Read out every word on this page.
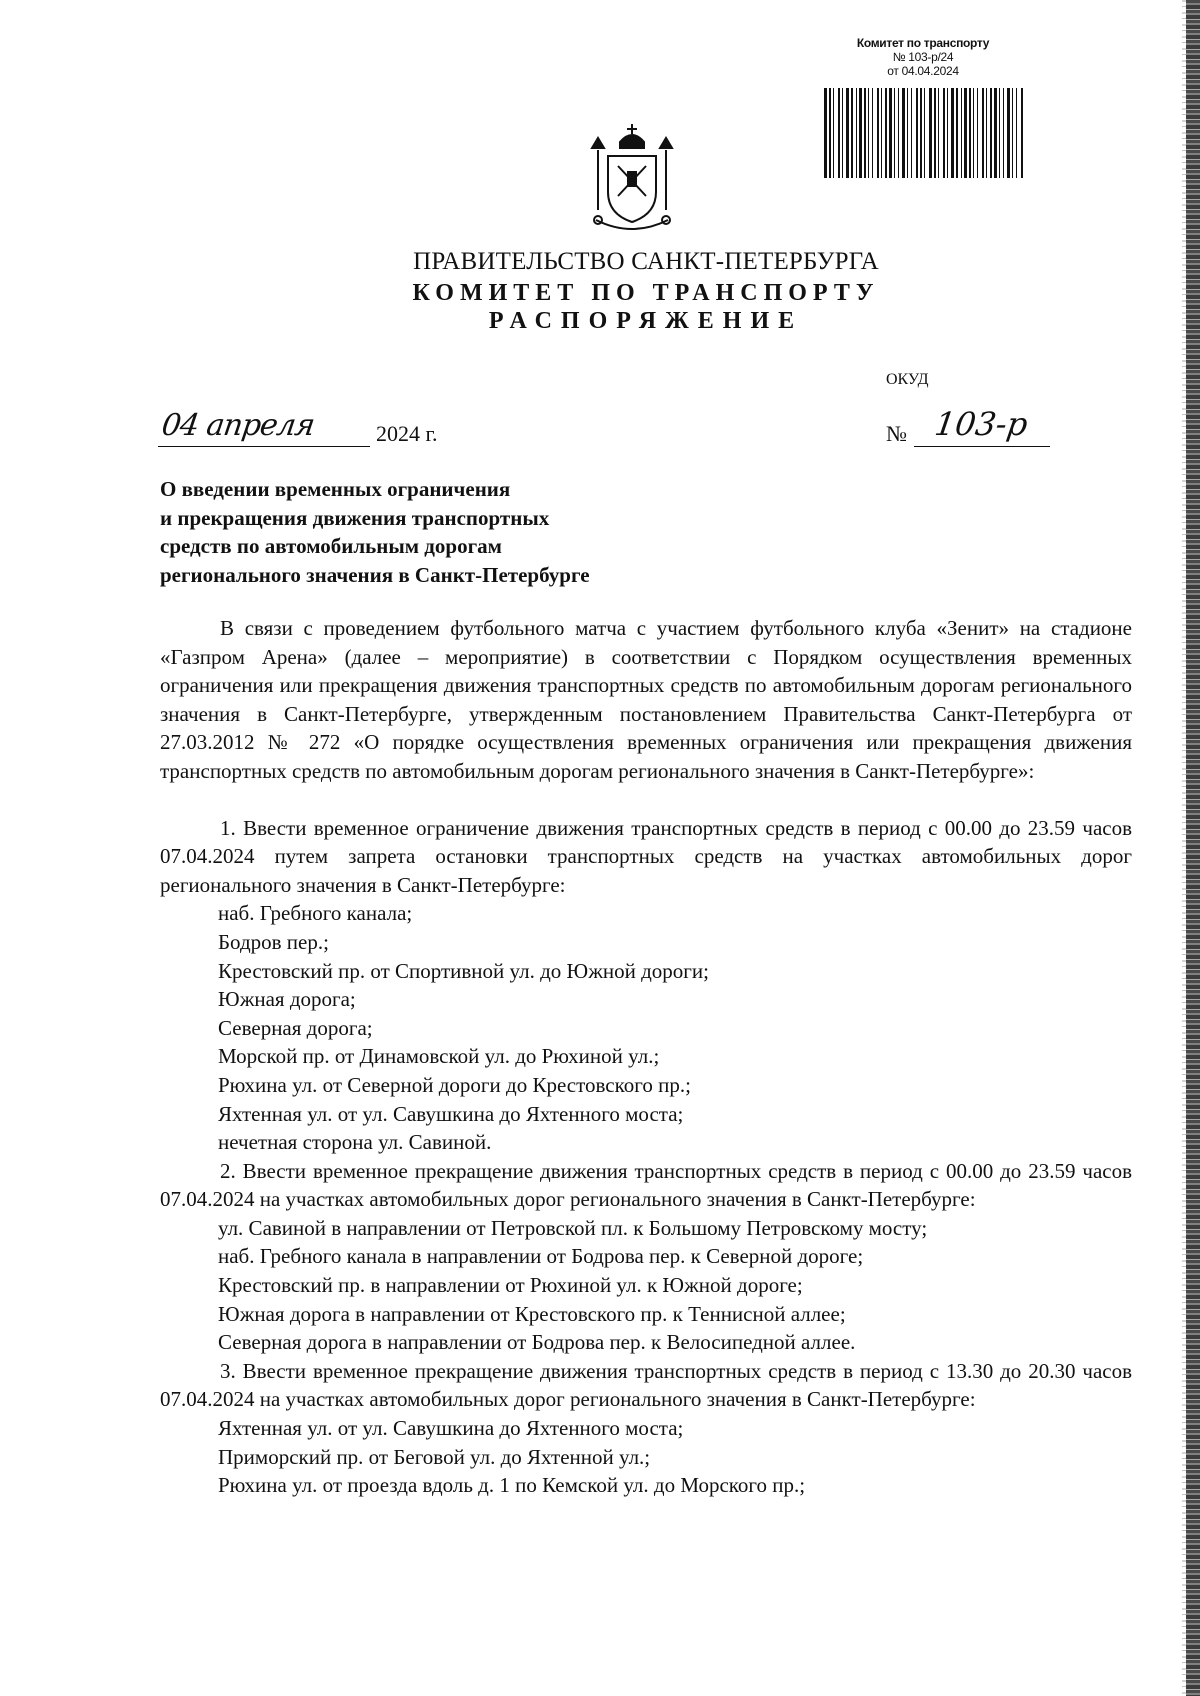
Комитет по транспорту
№ 103-р/24
от 04.04.2024
ПРАВИТЕЛЬСТВО САНКТ-ПЕТЕРБУРГА
КОМИТЕТ ПО ТРАНСПОРТУ
РАСПОРЯЖЕНИЕ
ОКУД
04 апреля	2024 г.	№ 103-р
О введении временных ограничения
и прекращения движения транспортных
средств по автомобильным дорогам
регионального значения в Санкт-Петербурге

В связи с проведением футбольного матча с участием футбольного клуба «Зенит» на стадионе «Газпром Арена» (далее – мероприятие) в соответствии с Порядком осуществления временных ограничения или прекращения движения транспортных средств по автомобильным дорогам регионального значения в Санкт-Петербурге, утвержденным постановлением Правительства Санкт-Петербурга от 27.03.2012 № 272 «О порядке осуществления временных ограничения или прекращения движения транспортных средств по автомобильным дорогам регионального значения в Санкт-Петербурге»:

1. Ввести временное ограничение движения транспортных средств в период с 00.00 до 23.59 часов 07.04.2024 путем запрета остановки транспортных средств на участках автомобильных дорог регионального значения в Санкт-Петербурге:

наб. Гребного канала;

Бодров пер.;

Крестовский пр. от Спортивной ул. до Южной дороги;

Южная дорога;

Северная дорога;

Морской пр. от Динамовской ул. до Рюхиной ул.;

Рюхина ул. от Северной дороги до Крестовского пр.;

Яхтенная ул. от ул. Савушкина до Яхтенного моста;

нечетная сторона ул. Савиной.

2. Ввести временное прекращение движения транспортных средств в период с 00.00 до 23.59 часов 07.04.2024 на участках автомобильных дорог регионального значения в Санкт-Петербурге:

ул. Савиной в направлении от Петровской пл. к Большому Петровскому мосту;

наб. Гребного канала в направлении от Бодрова пер. к Северной дороге;

Крестовский пр. в направлении от Рюхиной ул. к Южной дороге;

Южная дорога в направлении от Крестовского пр. к Теннисной аллее;

Северная дорога в направлении от Бодрова пер. к Велосипедной аллее.

3. Ввести временное прекращение движения транспортных средств в период с 13.30 до 20.30 часов 07.04.2024 на участках автомобильных дорог регионального значения в Санкт-Петербурге:

Яхтенная ул. от ул. Савушкина до Яхтенного моста;

Приморский пр. от Беговой ул. до Яхтенной ул.;

Рюхина ул. от проезда вдоль д. 1 по Кемской ул. до Морского пр.;
